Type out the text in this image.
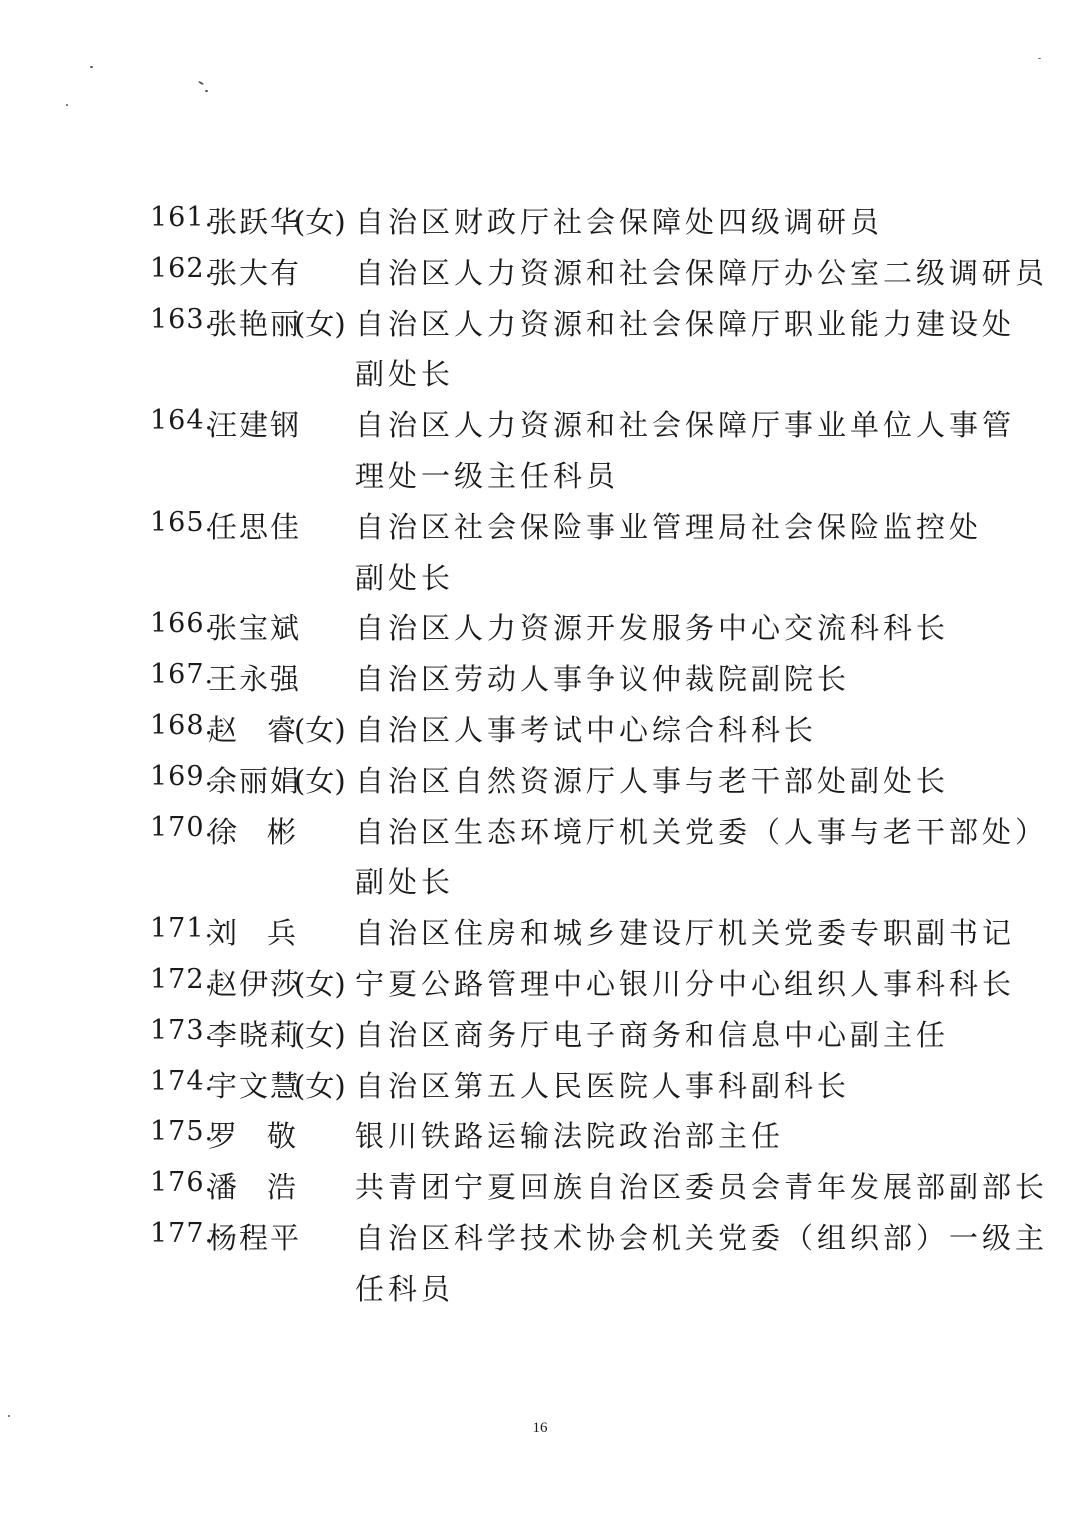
161.
张跃华
(女) 自治区财政厅社会保障处四级调研员
162.
张大有 自治区人力资源和社会保障厅办公室二级调研员
163.
张艳丽
(女) 自治区人力资源和社会保障厅职业能力建设处
副处长
164.
汪建钢 自治区人力资源和社会保障厅事业单位人事管
理处一级主任科员
165.
任思佳 自治区社会保险事业管理局社会保险监控处
副处长
166.
张宝斌 自治区人力资源开发服务中心交流科科长
167.
王永强 自治区劳动人事争议仲裁院副院长
168.
赵 睿
(女) 自治区人事考试中心综合科科长
169.
余丽娟
(女) 自治区自然资源厅人事与老干部处副处长
170.
徐 彬 自治区生态环境厅机关党委（人事与老干部处）
副处长
171.
刘 兵 自治区住房和城乡建设厅机关党委专职副书记
172.
赵伊莎
(女) 宁夏公路管理中心银川分中心组织人事科科长
173.
李晓莉
(女) 自治区商务厅电子商务和信息中心副主任
174.
宇文慧
(女) 自治区第五人民医院人事科副科长
175.
罗 敬 银川铁路运输法院政治部主任
176.
潘 浩 共青团宁夏回族自治区委员会青年发展部副部长
177.
杨程平 自治区科学技术协会机关党委（组织部）一级主
任科员
16
